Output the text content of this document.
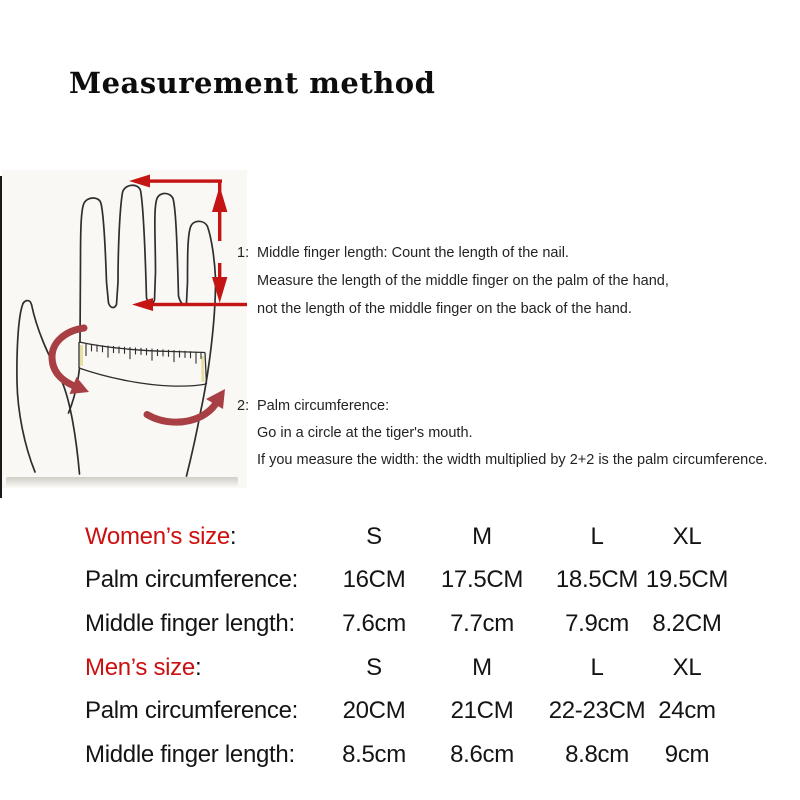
Measurement method
1: Middle finger length: Count the length of the nail.
Measure the length of the middle finger on the palm of the hand,
not the length of the middle finger on the back of the hand.
2: Palm circumference:
Go in a circle at the tiger's mouth.
If you measure the width: the width multiplied by 2+2 is the palm circumference.
Women’s size :	S	M	L	XL
Palm circumference :	16CM	17.5CM	18.5CM 19.5CM
Middle finger length :	7.6cm	7.7cm	7.9cm 8.2CM
Men’s size :	S	M	L	XL
Palm circumference :	20CM	21CM	22-23CM 24cm
Middle finger length :	8.5cm	8.6cm	8.8cm	9cm
